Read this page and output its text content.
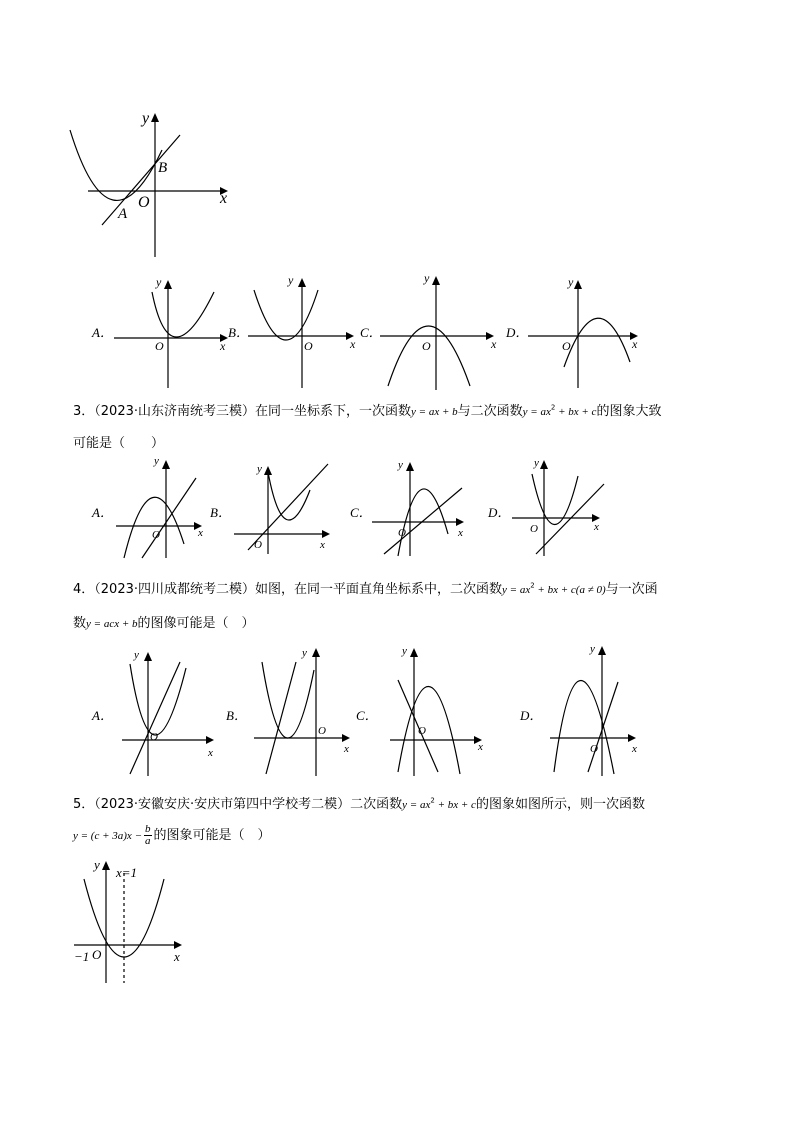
y
x
O
A
B
A．
y
x
O
B．
y
x
O
C．
y
x
O
D．
y
x
O
3．（2023·山东济南统考三模）在同一坐标系下，一次函数y = ax + b与二次函数$y = ax^2$ + bx + c的图象大致
可能是（　　）
A．
y
x
O
B．
y
x
O
C．
y
x
O
D．
y
x
O
4．（2023·四川成都统考二模）如图，在同一平面直角坐标系中，二次函数$y = ax^2$ + bx + c(a ≠ 0)与一次函
数y = acx + b的图像可能是（　）
A．
y
x
O
B．
y
x
O
C．
y
x
O
D．
y
x
O
5．（2023·安徽安庆·安庆市第四中学校考二模）二次函数$y = ax^2$ + bx + c的图象如图所示，则一次函数
$y = (c + 3a)x - \frac{b}{a}$ 的图象可能是（　）
y
x=1
x
O
−1
